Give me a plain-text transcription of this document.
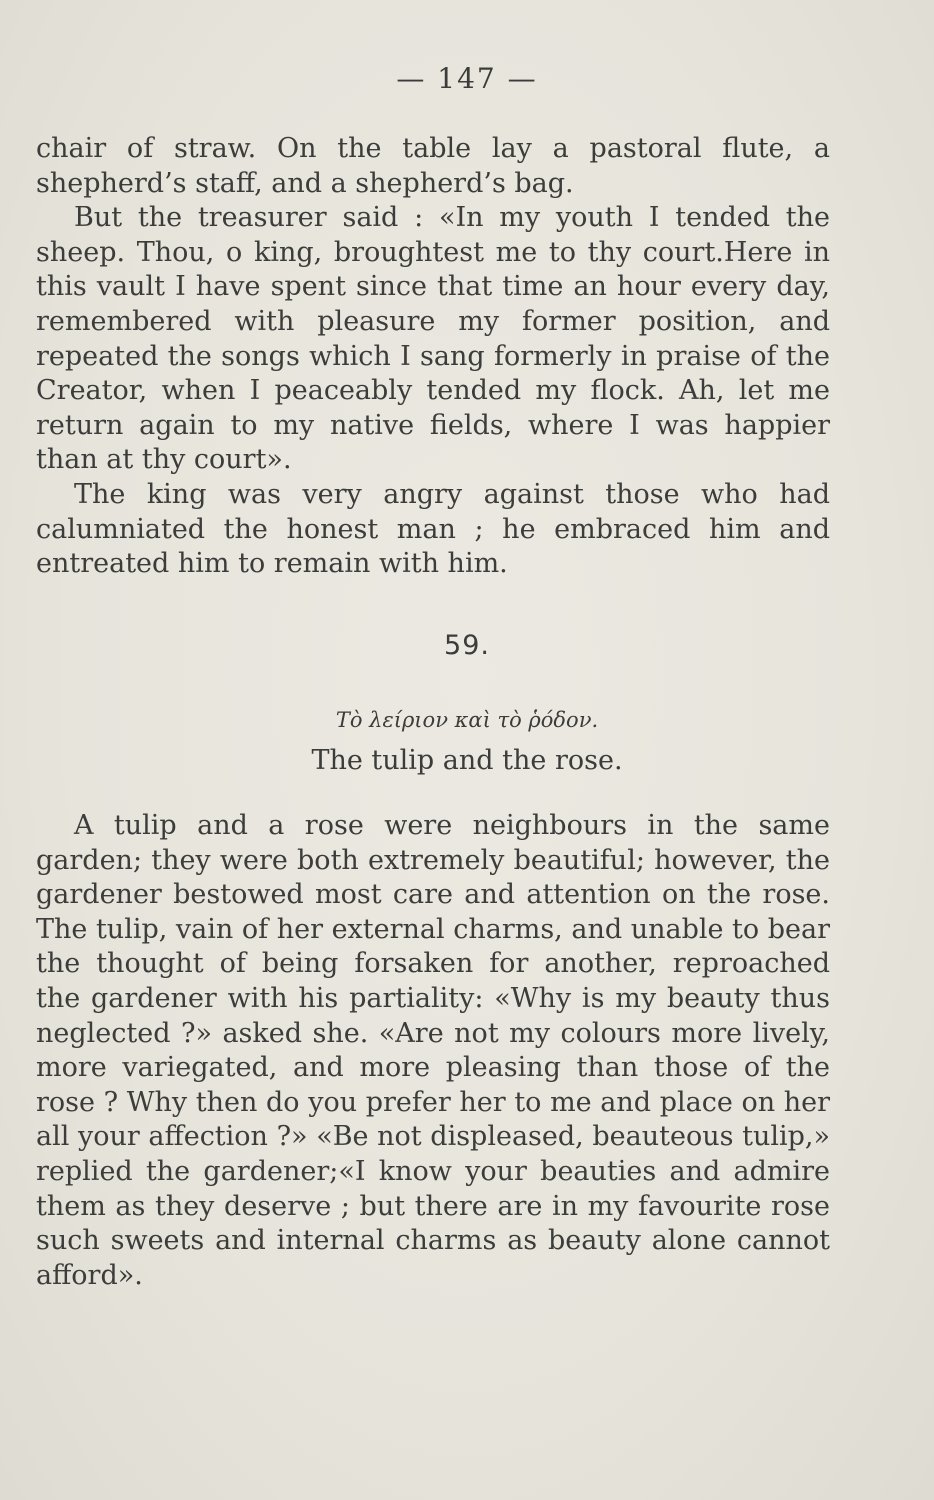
— 147 —

chair of straw. On the table lay a pastoral flute, a shepherd’s staff, and a shepherd’s bag.

But the treasurer said : «In my youth I tended the sheep. Thou, o king, broughtest me to thy court.Here in this vault I have spent since that time an hour every day, remembered with pleasure my former position, and repeated the songs which I sang formerly in praise of the Creator, when I peaceably tended my flock. Ah, let me return again to my native fields, where I was happier than at thy court».

The king was very angry against those who had calumniated the honest man ; he embraced him and entreated him to remain with him.

59.
Τὸ λείριον καὶ τὸ ῥόδον.
The tulip and the rose.

A tulip and a rose were neighbours in the same garden; they were both extremely beautiful; however, the gardener bestowed most care and attention on the rose. The tulip, vain of her external charms, and unable to bear the thought of being forsaken for another, reproached the gardener with his partiality: «Why is my beauty thus neglected ?» asked she. «Are not my colours more lively, more variegated, and more pleasing than those of the rose ? Why then do you prefer her to me and place on her all your affection ?» «Be not displeased, beauteous tulip,» replied the gardener;«I know your beauties and admire them as they deserve ; but there are in my favourite rose such sweets and internal charms as beauty alone cannot afford».
